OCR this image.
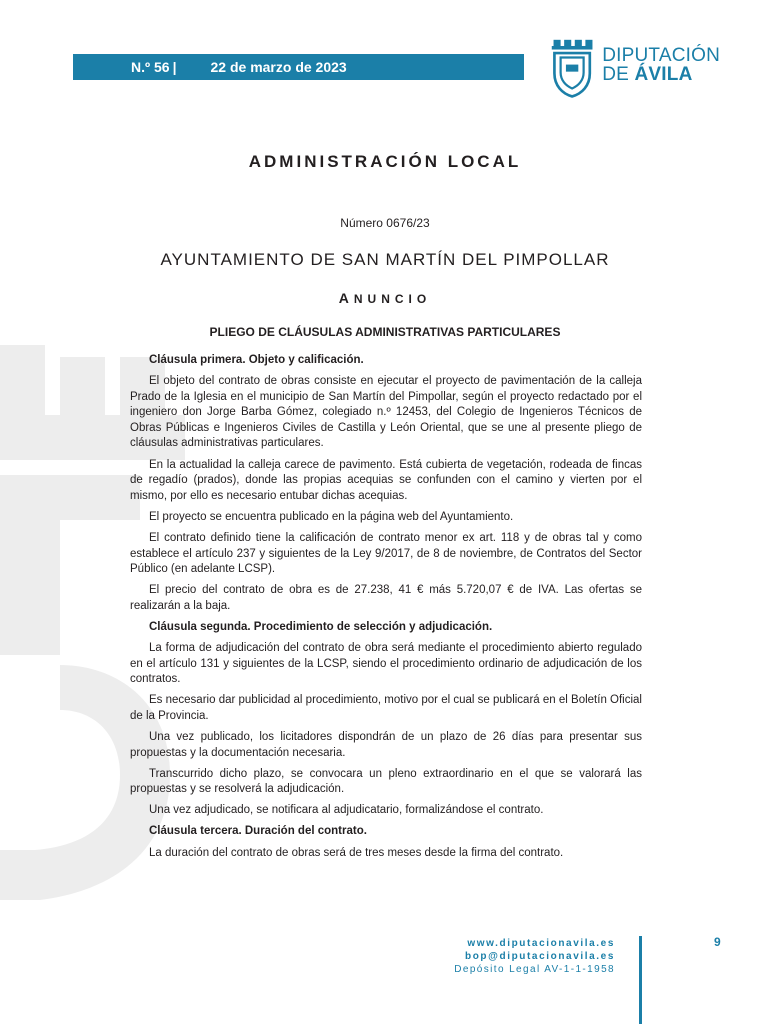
N.º 56 | 22 de marzo de 2023
DIPUTACIÓN
DE ÁVILA
ADMINISTRACIÓN LOCAL
Número 0676/23
AYUNTAMIENTO DE SAN MARTÍN DEL PIMPOLLAR
ANUNCIO
PLIEGO DE CLÁUSULAS ADMINISTRATIVAS PARTICULARES

Cláusula primera. Objeto y calificación.

El objeto del contrato de obras consiste en ejecutar el proyecto de pavimentación de la calleja Prado de la Iglesia en el municipio de San Martín del Pimpollar, según el proyecto redactado por el ingeniero don Jorge Barba Gómez, colegiado n.º 12453, del Colegio de Ingenieros Técnicos de Obras Públicas e Ingenieros Civiles de Castilla y León Oriental, que se une al presente pliego de cláusulas administrativas particulares.

En la actualidad la calleja carece de pavimento. Está cubierta de vegetación, rodeada de fincas de regadío (prados), donde las propias acequias se confunden con el camino y vierten por el mismo, por ello es necesario entubar dichas acequias.

El proyecto se encuentra publicado en la página web del Ayuntamiento.

El contrato definido tiene la calificación de contrato menor ex art. 118 y de obras tal y como establece el artículo 237 y siguientes de la Ley 9/2017, de 8 de noviembre, de Contratos del Sector Público (en adelante LCSP).

El precio del contrato de obra es de 27.238, 41 € más 5.720,07 € de IVA. Las ofertas se realizarán a la baja.

Cláusula segunda. Procedimiento de selección y adjudicación.

La forma de adjudicación del contrato de obra será mediante el procedimiento abierto regulado en el artículo 131 y siguientes de la LCSP, siendo el procedimiento ordinario de adjudicación de los contratos.

Es necesario dar publicidad al procedimiento, motivo por el cual se publicará en el Boletín Oficial de la Provincia.

Una vez publicado, los licitadores dispondrán de un plazo de 26 días para presentar sus propuestas y la documentación necesaria.

Transcurrido dicho plazo, se convocara un pleno extraordinario en el que se valorará las propuestas y se resolverá la adjudicación.

Una vez adjudicado, se notificara al adjudicatario, formalizándose el contrato.

Cláusula tercera. Duración del contrato.

La duración del contrato de obras será de tres meses desde la firma del contrato.

www.diputacionavila.es
bop@diputacionavila.es
Depósito Legal AV-1-1-1958
9
